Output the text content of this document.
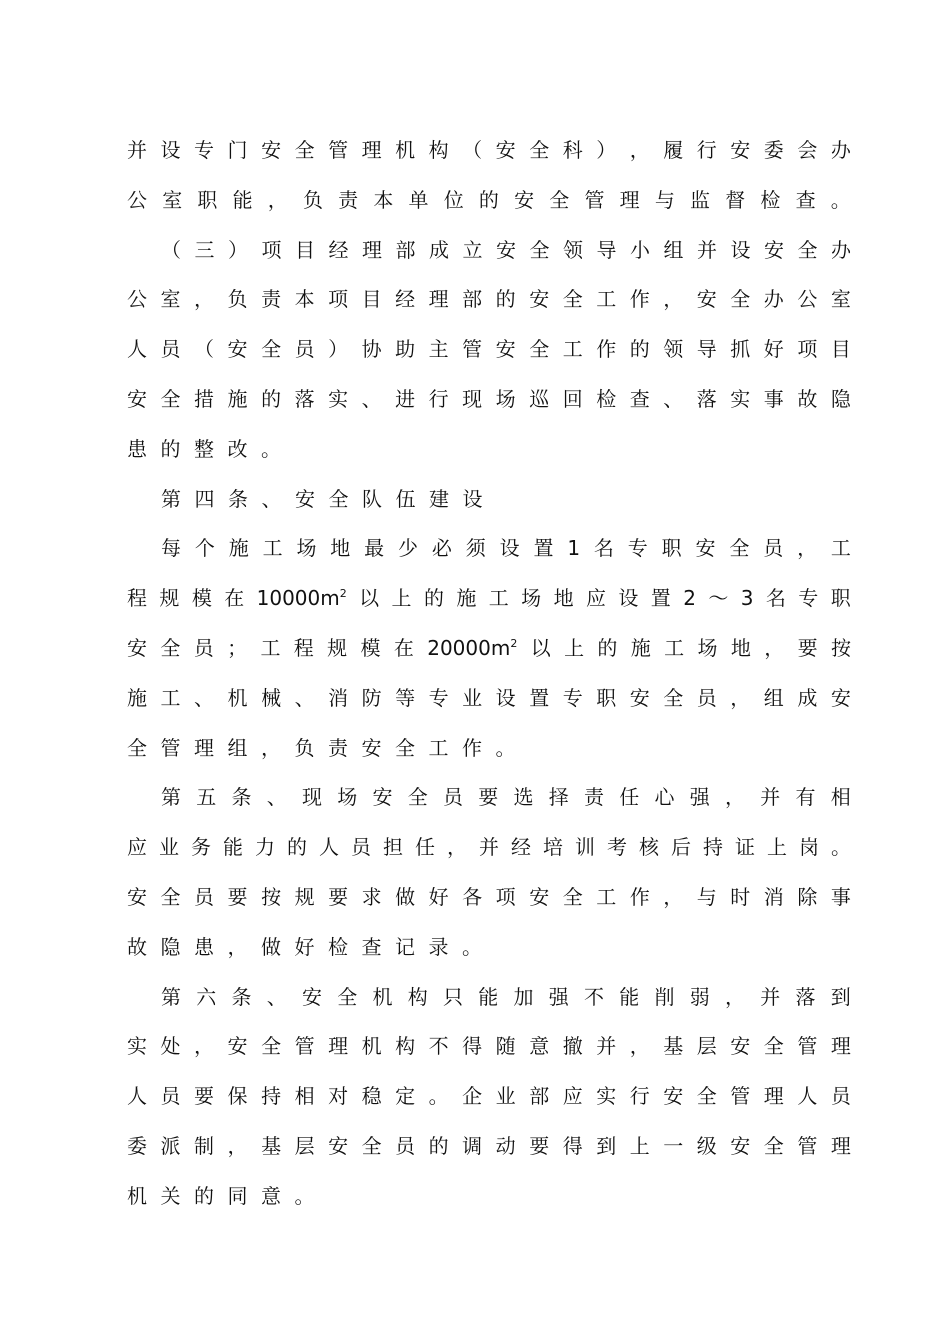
并 设 专 门 安 全 管 理 机 构 （ 安 全 科 ） ， 履 行 安 委 会 办
公 室 职 能 ， 负 责 本 单 位 的 安 全 管 理 与 监 督 检 查 。
（ 三 ） 项 目 经 理 部 成 立 安 全 领 导 小 组 并 设 安 全 办
公 室 ， 负 责 本 项 目 经 理 部 的 安 全 工 作 ， 安 全 办 公 室
人 员 （ 安 全 员 ） 协 助 主 管 安 全 工 作 的 领 导 抓 好 项 目
安 全 措 施 的 落 实 、 进 行 现 场 巡 回 检 查 、 落 实 事 故 隐
患 的 整 改 。
第 四 条 、 安 全 队 伍 建 设
每 个 施 工 场 地 最 少 必 须 设 置 1 名 专 职 安 全 员 ， 工
程 规 模 在 $10000m^2$ 以 上 的 施 工 场 地 应 设 置 2 ～ 3 名 专 职
安 全 员 ； 工 程 规 模 在 $20000m^2$ 以 上 的 施 工 场 地 ， 要 按
施 工 、 机 械 、 消 防 等 专 业 设 置 专 职 安 全 员 ， 组 成 安
全 管 理 组 ， 负 责 安 全 工 作 。
第 五 条 、 现 场 安 全 员 要 选 择 责 任 心 强 ， 并 有 相
应 业 务 能 力 的 人 员 担 任 ， 并 经 培 训 考 核 后 持 证 上 岗 。
安 全 员 要 按 规 要 求 做 好 各 项 安 全 工 作 ， 与 时 消 除 事
故 隐 患 ， 做 好 检 查 记 录 。
第 六 条 、 安 全 机 构 只 能 加 强 不 能 削 弱 ， 并 落 到
实 处 ， 安 全 管 理 机 构 不 得 随 意 撤 并 ， 基 层 安 全 管 理
人 员 要 保 持 相 对 稳 定 。 企 业 部 应 实 行 安 全 管 理 人 员
委 派 制 ， 基 层 安 全 员 的 调 动 要 得 到 上 一 级 安 全 管 理
机 关 的 同 意 。
